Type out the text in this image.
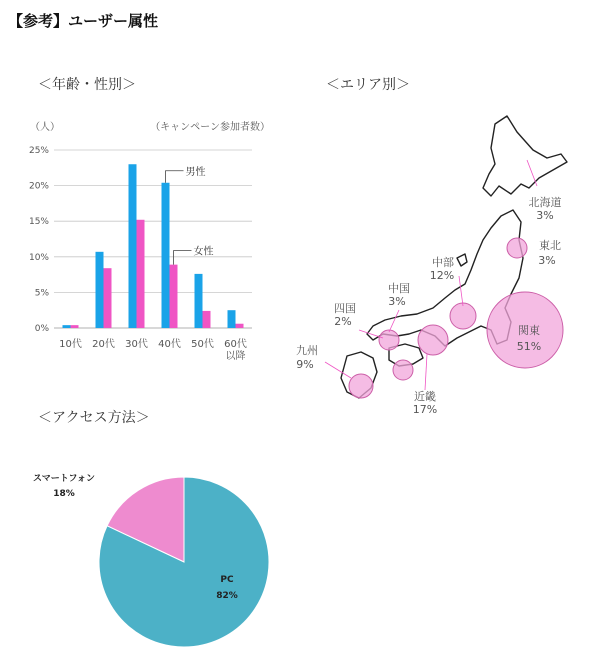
【参考】ユーザー属性
＜年齢・性別＞	＜エリア別＞
＜アクセス方法＞
（人）	（キャンペーン参加者数）
0%
5%
10%
15%
20%
25%
10代 20代 30代 40代 50代 60代
以降
男性
女性
北海道
3%
東北
3%
中部
12%
関東
51%
四国
2%
中国
3%
九州
9%
近畿
17%
スマートフォン
18%
PC
82%
